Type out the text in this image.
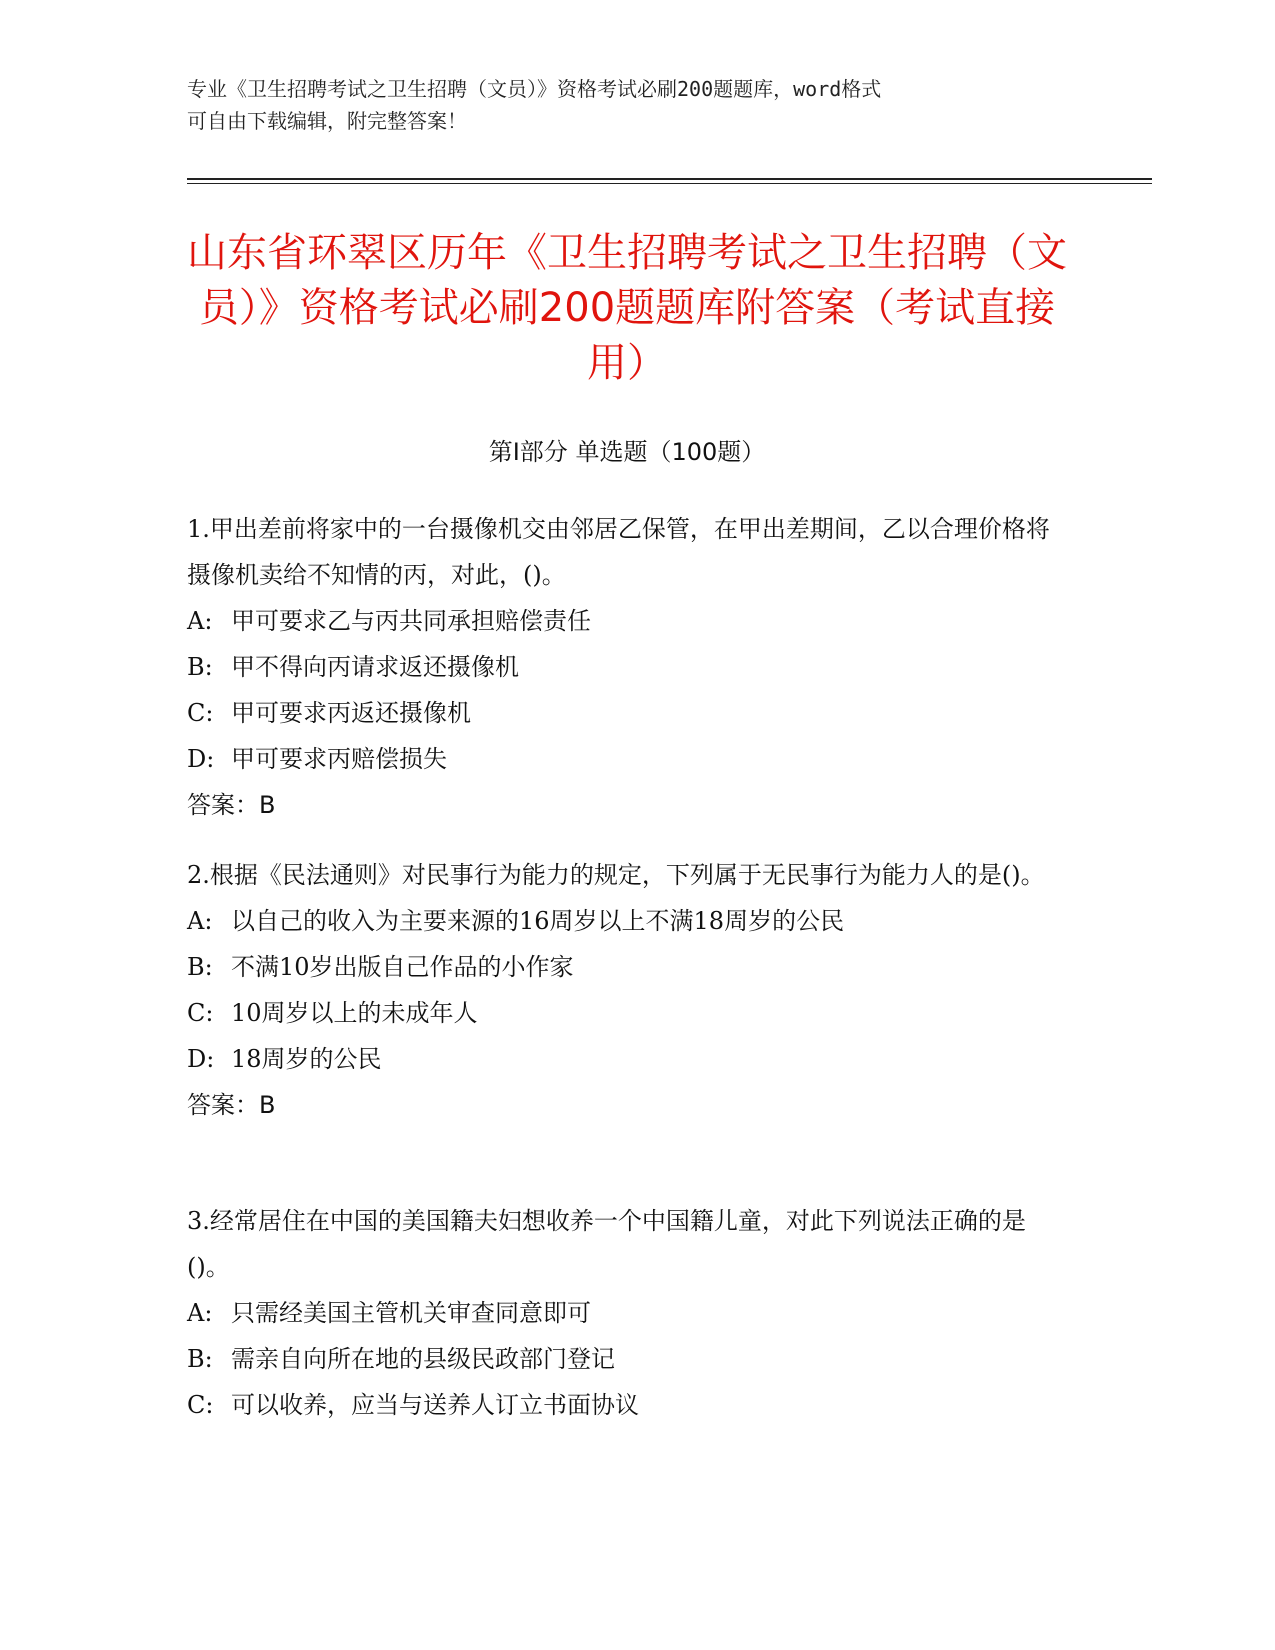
专业《卫生招聘考试之卫生招聘（文员）》资格考试必刷200题题库，word格式
可自由下载编辑，附完整答案！
山东省环翠区历年《卫生招聘考试之卫生招聘（文员）》资格考试必刷200题题库附答案（考试直接用）
第Ⅰ部分 单选题（100题）
1.甲出差前将家中的一台摄像机交由邻居乙保管，在甲出差期间，乙以合理价格将摄像机卖给不知情的丙，对此，()。
A: 甲可要求乙与丙共同承担赔偿责任
B: 甲不得向丙请求返还摄像机
C: 甲可要求丙返还摄像机
D: 甲可要求丙赔偿损失
答案：B
2.根据《民法通则》对民事行为能力的规定，下列属于无民事行为能力人的是()。
A: 以自己的收入为主要来源的16周岁以上不满18周岁的公民
B: 不满10岁出版自己作品的小作家
C: 10周岁以上的未成年人
D: 18周岁的公民
答案：B
3.经常居住在中国的美国籍夫妇想收养一个中国籍儿童，对此下列说法正确的是()。
A: 只需经美国主管机关审查同意即可
B: 需亲自向所在地的县级民政部门登记
C: 可以收养，应当与送养人订立书面协议
